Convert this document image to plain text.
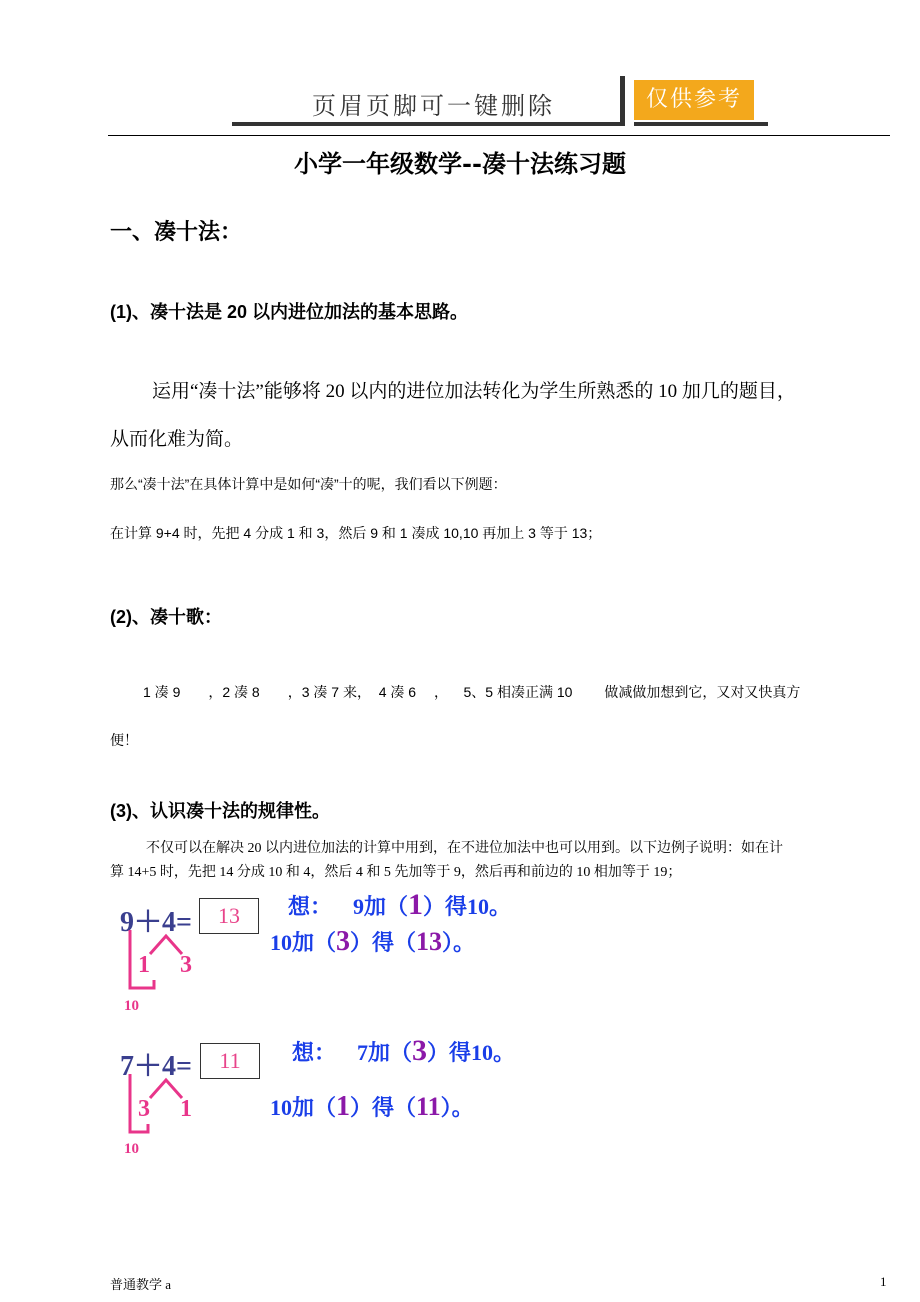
页眉页脚可一键删除	仅供参考
小学一年级数学--凑十法练习题
一、凑十法：
(1)、凑十法是 20 以内进位加法的基本思路。
运用“凑十法”能够将 20 以内的进位加法转化为学生所熟悉的 10 加几的题目，
从而化难为简。
那么“凑十法”在具体计算中是如何“凑”十的呢，我们看以下例题：
在计算 9+4 时，先把 4 分成 1 和 3，然后 9 和 1 凑成 10,10 再加上 3 等于 13；
(2)、凑十歌：
1 凑 9　　，2 凑 8　　，3 凑 7 来，  4 凑 6　 ，    5、5 相凑正满 10 　　做减做加想到它，又对又快真方
便！
(3)、认识凑十法的规律性。
不仅可以在解决 20 以内进位加法的计算中用到，在不进位加法中也可以用到。以下边例子说明：如在计
算 14+5 时，先把 14 分成 10 和 4，然后 4 和 5 先加等于 9，然后再和前边的 10 相加等于 19；
9＋4=	13
1 3
10
想： 9加（1）得10。
10加（3）得（13）。
7＋4=	11
3 1
10
想： 7加（3）得10。
10加（1）得（11）。
普通教学 a	1
